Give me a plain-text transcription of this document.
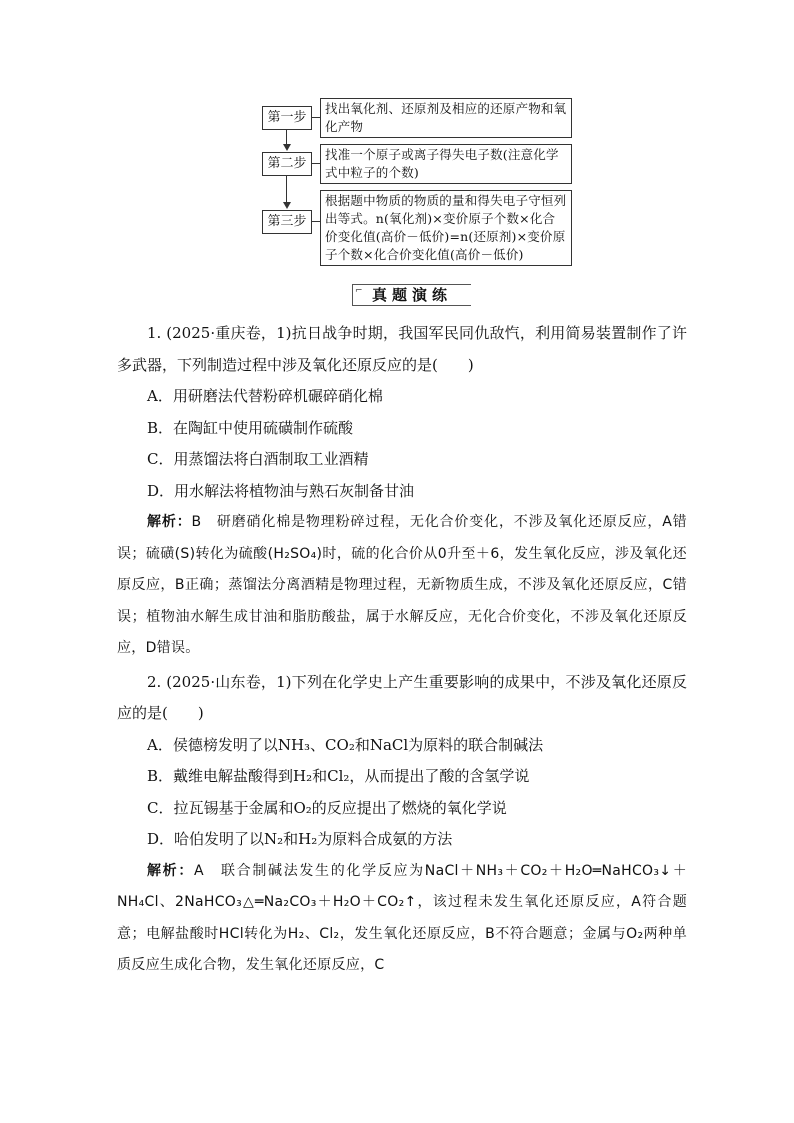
第一步
找出氧化剂、还原剂及相应的还原产物和氧化产物
第二步
找准一个原子或离子得失电子数(注意化学式中粒子的个数)
第三步
根据题中物质的物质的量和得失电子守恒列出等式。n(氧化剂)×变价原子个数×化合价变化值(高价－低价)=n(还原剂)×变价原子个数×化合价变化值(高价－低价)
⌐ 真题演练

1. (2025·重庆卷，1)抗日战争时期，我国军民同仇敌忾，利用简易装置制作了许多武器，下列制造过程中涉及氧化还原反应的是(　　)

A．用研磨法代替粉碎机碾碎硝化棉

B．在陶缸中使用硫磺制作硫酸

C．用蒸馏法将白酒制取工业酒精

D．用水解法将植物油与熟石灰制备甘油

解析：B　研磨硝化棉是物理粉碎过程，无化合价变化，不涉及氧化还原反应，A错误；硫磺(S)转化为硫酸(H₂SO₄)时，硫的化合价从0升至＋6，发生氧化反应，涉及氧化还原反应，B正确；蒸馏法分离酒精是物理过程，无新物质生成，不涉及氧化还原反应，C错误；植物油水解生成甘油和脂肪酸盐，属于水解反应，无化合价变化，不涉及氧化还原反应，D错误。

2. (2025·山东卷，1)下列在化学史上产生重要影响的成果中，不涉及氧化还原反应的是(　　)

A．侯德榜发明了以NH₃、CO₂和NaCl为原料的联合制碱法

B．戴维电解盐酸得到H₂和Cl₂，从而提出了酸的含氢学说

C．拉瓦锡基于金属和O₂的反应提出了燃烧的氧化学说

D．哈伯发明了以N₂和H₂为原料合成氨的方法

解析：A　联合制碱法发生的化学反应为NaCl＋NH₃＋CO₂＋H₂O═NaHCO₃↓＋NH₄Cl、2NaHCO₃△═Na₂CO₃＋H₂O＋CO₂↑，该过程未发生氧化还原反应，A符合题意；电解盐酸时HCl转化为H₂、Cl₂，发生氧化还原反应，B不符合题意；金属与O₂两种单质反应生成化合物，发生氧化还原反应，C
